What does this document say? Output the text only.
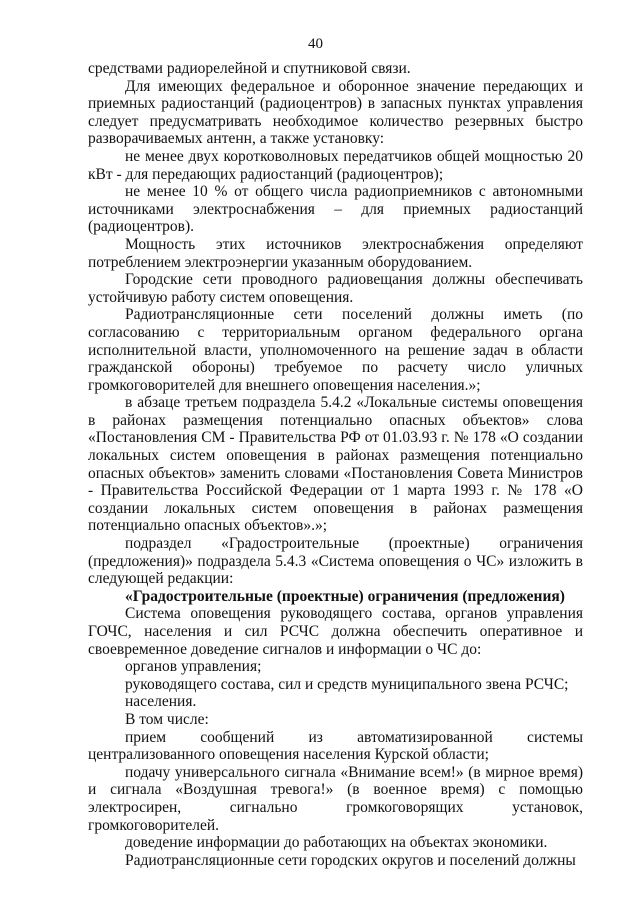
40

средствами радиорелейной и спутниковой связи.

Для имеющих федеральное и оборонное значение передающих и приемных радиостанций (радиоцентров) в запасных пунктах управления следует предусматривать необходимое количество резервных быстро разворачиваемых антенн, а также установку:

не менее двух коротковолновых передатчиков общей мощностью 20 кВт - для передающих радиостанций (радиоцентров);

не менее 10 % от общего числа радиоприемников с автономными источниками электроснабжения – для приемных радиостанций (радиоцентров).

Мощность этих источников электроснабжения определяют потреблением электроэнергии указанным оборудованием.

Городские сети проводного радиовещания должны обеспечивать устойчивую работу систем оповещения.

Радиотрансляционные сети поселений должны иметь (по согласованию с территориальным органом федерального органа исполнительной власти, уполномоченного на решение задач в области гражданской обороны) требуемое по расчету число уличных громкоговорителей для внешнего оповещения населения.»;

в абзаце третьем подраздела 5.4.2 «Локальные системы оповещения в районах размещения потенциально опасных объектов» слова «Постановления СМ - Правительства РФ от 01.03.93 г. № 178 «О создании локальных систем оповещения в районах размещения потенциально опасных объектов» заменить словами «Постановления Совета Министров - Правительства Российской Федерации от 1 марта 1993 г. № 178 «О создании локальных систем оповещения в районах размещения потенциально опасных объектов».»;

подраздел «Градостроительные (проектные) ограничения (предложения)» подраздела 5.4.3 «Система оповещения о ЧС» изложить в следующей редакции:

«Градостроительные (проектные) ограничения (предложения)

Система оповещения руководящего состава, органов управления ГОЧС, населения и сил РСЧС должна обеспечить оперативное и своевременное доведение сигналов и информации о ЧС до:

органов управления;

руководящего состава, сил и средств муниципального звена РСЧС;

населения.

В том числе:

прием сообщений из автоматизированной системы централизованного оповещения населения Курской области;

подачу универсального сигнала «Внимание всем!» (в мирное время) и сигнала «Воздушная тревога!» (в военное время) с помощью электросирен, сигнально громкоговорящих установок, громкоговорителей.

доведение информации до работающих на объектах экономики.

Радиотрансляционные сети городских округов и поселений должны
